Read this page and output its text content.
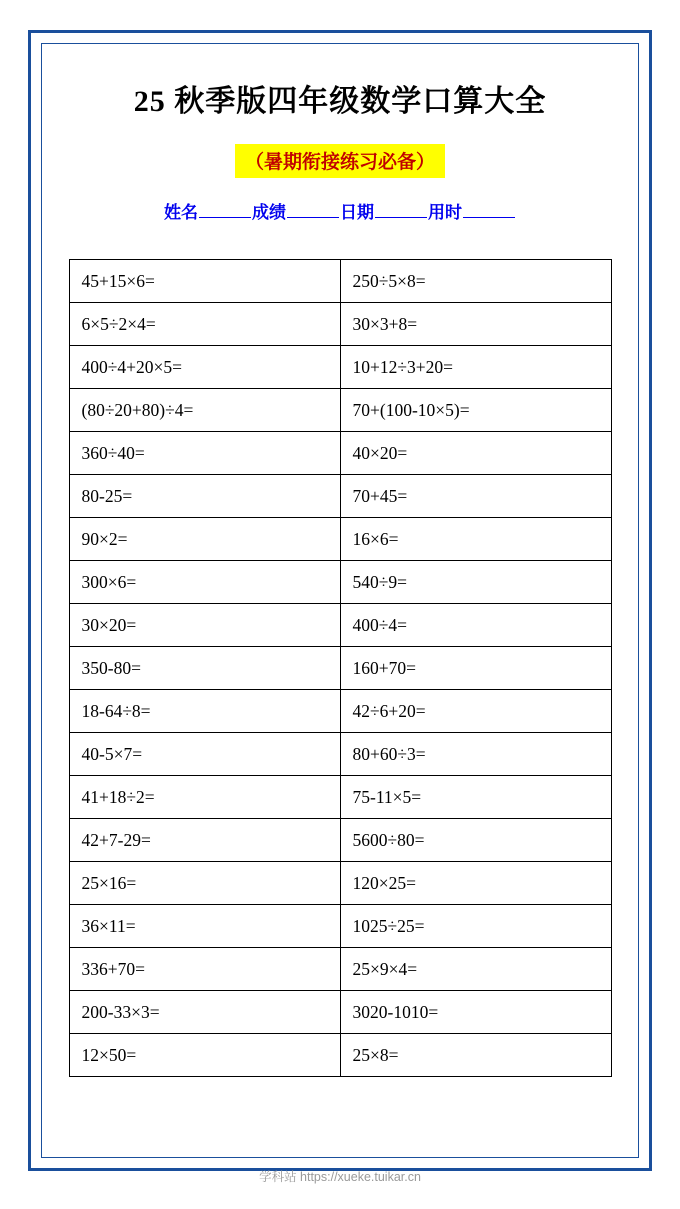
25 秋季版四年级数学口算大全
（暑期衔接练习必备）
姓名	成绩	日期	用时
45+15×6=	250÷5×8=
6×5÷2×4=	30×3+8=
400÷4+20×5=	10+12÷3+20=
(80÷20+80)÷4=	70+(100-10×5)=
360÷40=	40×20=
80-25=	70+45=
90×2=	16×6=
300×6=	540÷9=
30×20=	400÷4=
350-80=	160+70=
18-64÷8=	42÷6+20=
40-5×7=	80+60÷3=
41+18÷2=	75-11×5=
42+7-29=	5600÷80=
25×16=	120×25=
36×11=	1025÷25=
336+70=	25×9×4=
200-33×3=	3020-1010=
12×50=	25×8=
学科站 https://xueke.tuikar.cn
